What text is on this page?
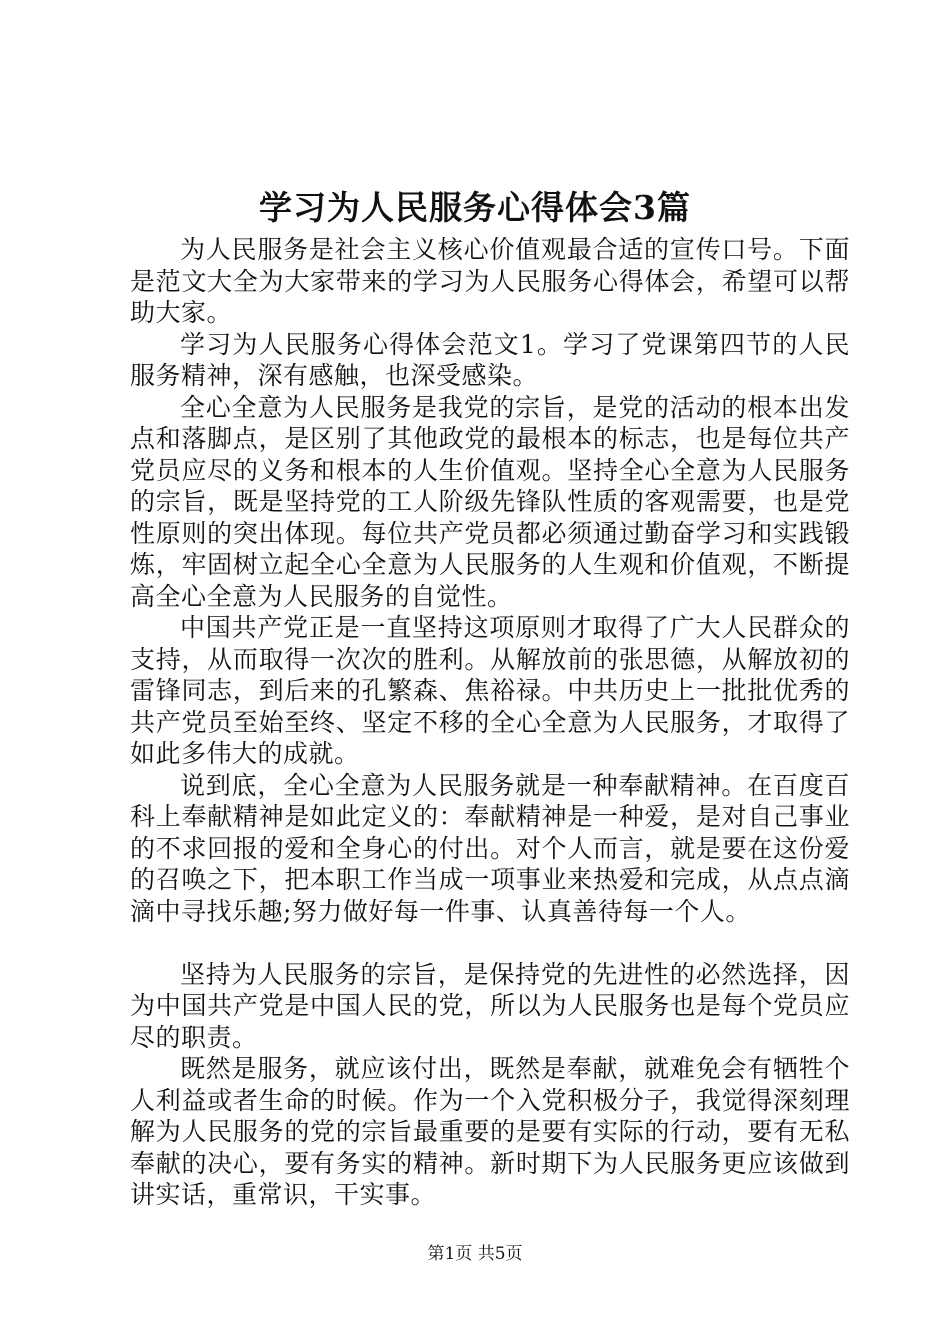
学习为人民服务心得体会3篇

为人民服务是社会主义核心价值观最合适的宣传口号。下面是范文大全为大家带来的学习为人民服务心得体会，希望可以帮助大家。

学习为人民服务心得体会范文1。学习了党课第四节的人民服务精神，深有感触，也深受感染。

全心全意为人民服务是我党的宗旨，是党的活动的根本出发点和落脚点，是区别了其他政党的最根本的标志，也是每位共产党员应尽的义务和根本的人生价值观。坚持全心全意为人民服务的宗旨，既是坚持党的工人阶级先锋队性质的客观需要，也是党性原则的突出体现。每位共产党员都必须通过勤奋学习和实践锻炼，牢固树立起全心全意为人民服务的人生观和价值观，不断提高全心全意为人民服务的自觉性。

中国共产党正是一直坚持这项原则才取得了广大人民群众的支持，从而取得一次次的胜利。从解放前的张思德，从解放初的雷锋同志，到后来的孔繁森、焦裕禄。中共历史上一批批优秀的共产党员至始至终、坚定不移的全心全意为人民服务，才取得了如此多伟大的成就。

说到底，全心全意为人民服务就是一种奉献精神。在百度百科上奉献精神是如此定义的：奉献精神是一种爱，是对自己事业的不求回报的爱和全身心的付出。对个人而言，就是要在这份爱的召唤之下，把本职工作当成一项事业来热爱和完成，从点点滴滴中寻找乐趣;努力做好每一件事、认真善待每一个人。

坚持为人民服务的宗旨，是保持党的先进性的必然选择，因为中国共产党是中国人民的党，所以为人民服务也是每个党员应尽的职责。

既然是服务，就应该付出，既然是奉献，就难免会有牺牲个人利益或者生命的时候。作为一个入党积极分子，我觉得深刻理解为人民服务的党的宗旨最重要的是要有实际的行动，要有无私奉献的决心，要有务实的精神。新时期下为人民服务更应该做到讲实话，重常识，干实事。

第1页 共5页
